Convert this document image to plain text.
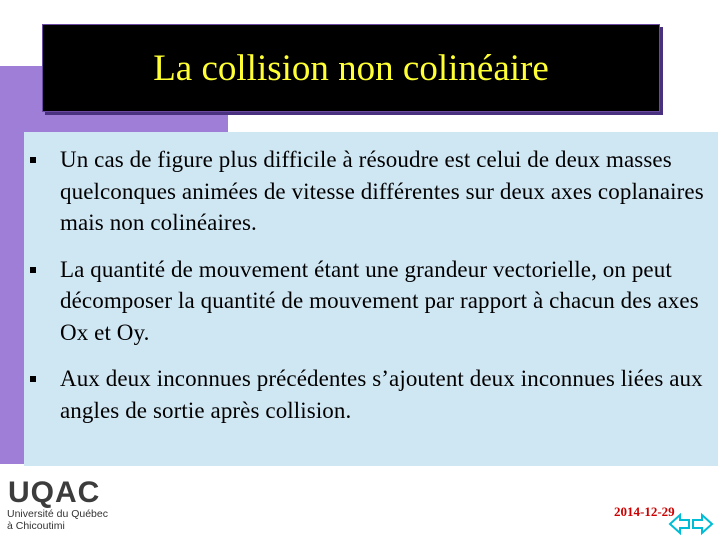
La collision non colinéaire
Un cas de figure plus difficile à résoudre est celui de deux masses quelconques animées de vitesse différentes sur deux axes coplanaires mais non colinéaires.
La quantité de mouvement étant une grandeur vectorielle, on peut décomposer la quantité de mouvement par rapport à chacun des axes Ox et Oy.
Aux deux inconnues précédentes s’ajoutent deux inconnues liées aux angles de sortie après collision.
UQAC
Université du Québec
à Chicoutimi
2014-12-29
